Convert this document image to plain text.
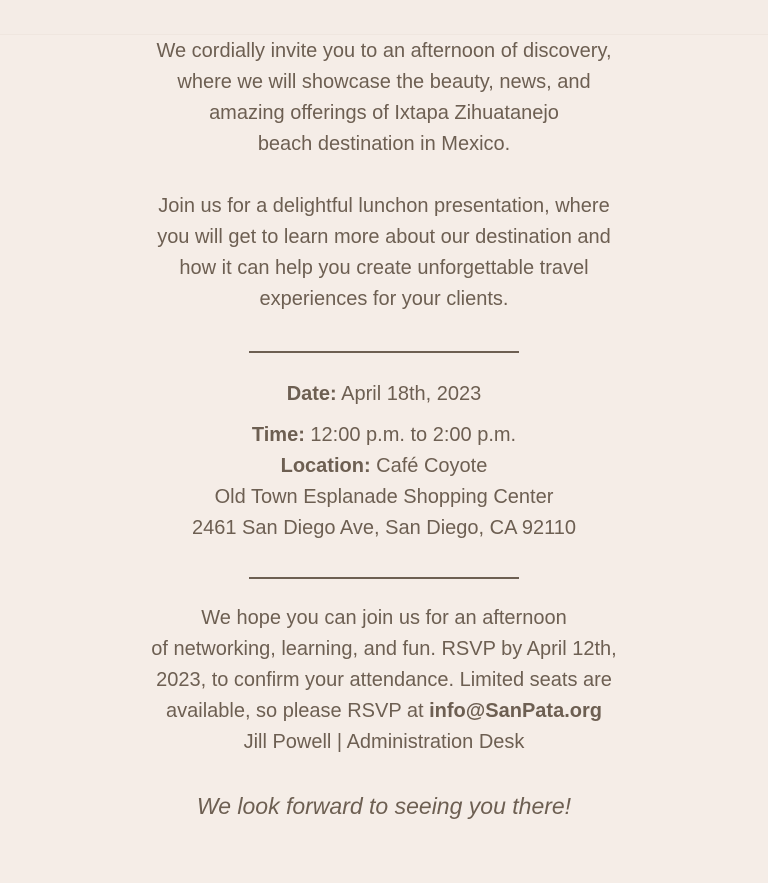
We cordially invite you to an afternoon of discovery,
where we will showcase the beauty, news, and
amazing offerings of Ixtapa Zihuatanejo
beach destination in Mexico.

Join us for a delightful lunchon presentation, where
you will get to learn more about our destination and
how it can help you create unforgettable travel
experiences for your clients.

Date: April 18th, 2023
Time: 12:00 p.m. to 2:00 p.m.
Location: Café Coyote
Old Town Esplanade Shopping Center
2461 San Diego Ave, San Diego, CA 92110

We hope you can join us for an afternoon
of networking, learning, and fun. RSVP by April 12th,
2023, to confirm your attendance. Limited seats are
available, so please RSVP at info@SanPata.org
Jill Powell | Administration Desk

We look forward to seeing you there!
